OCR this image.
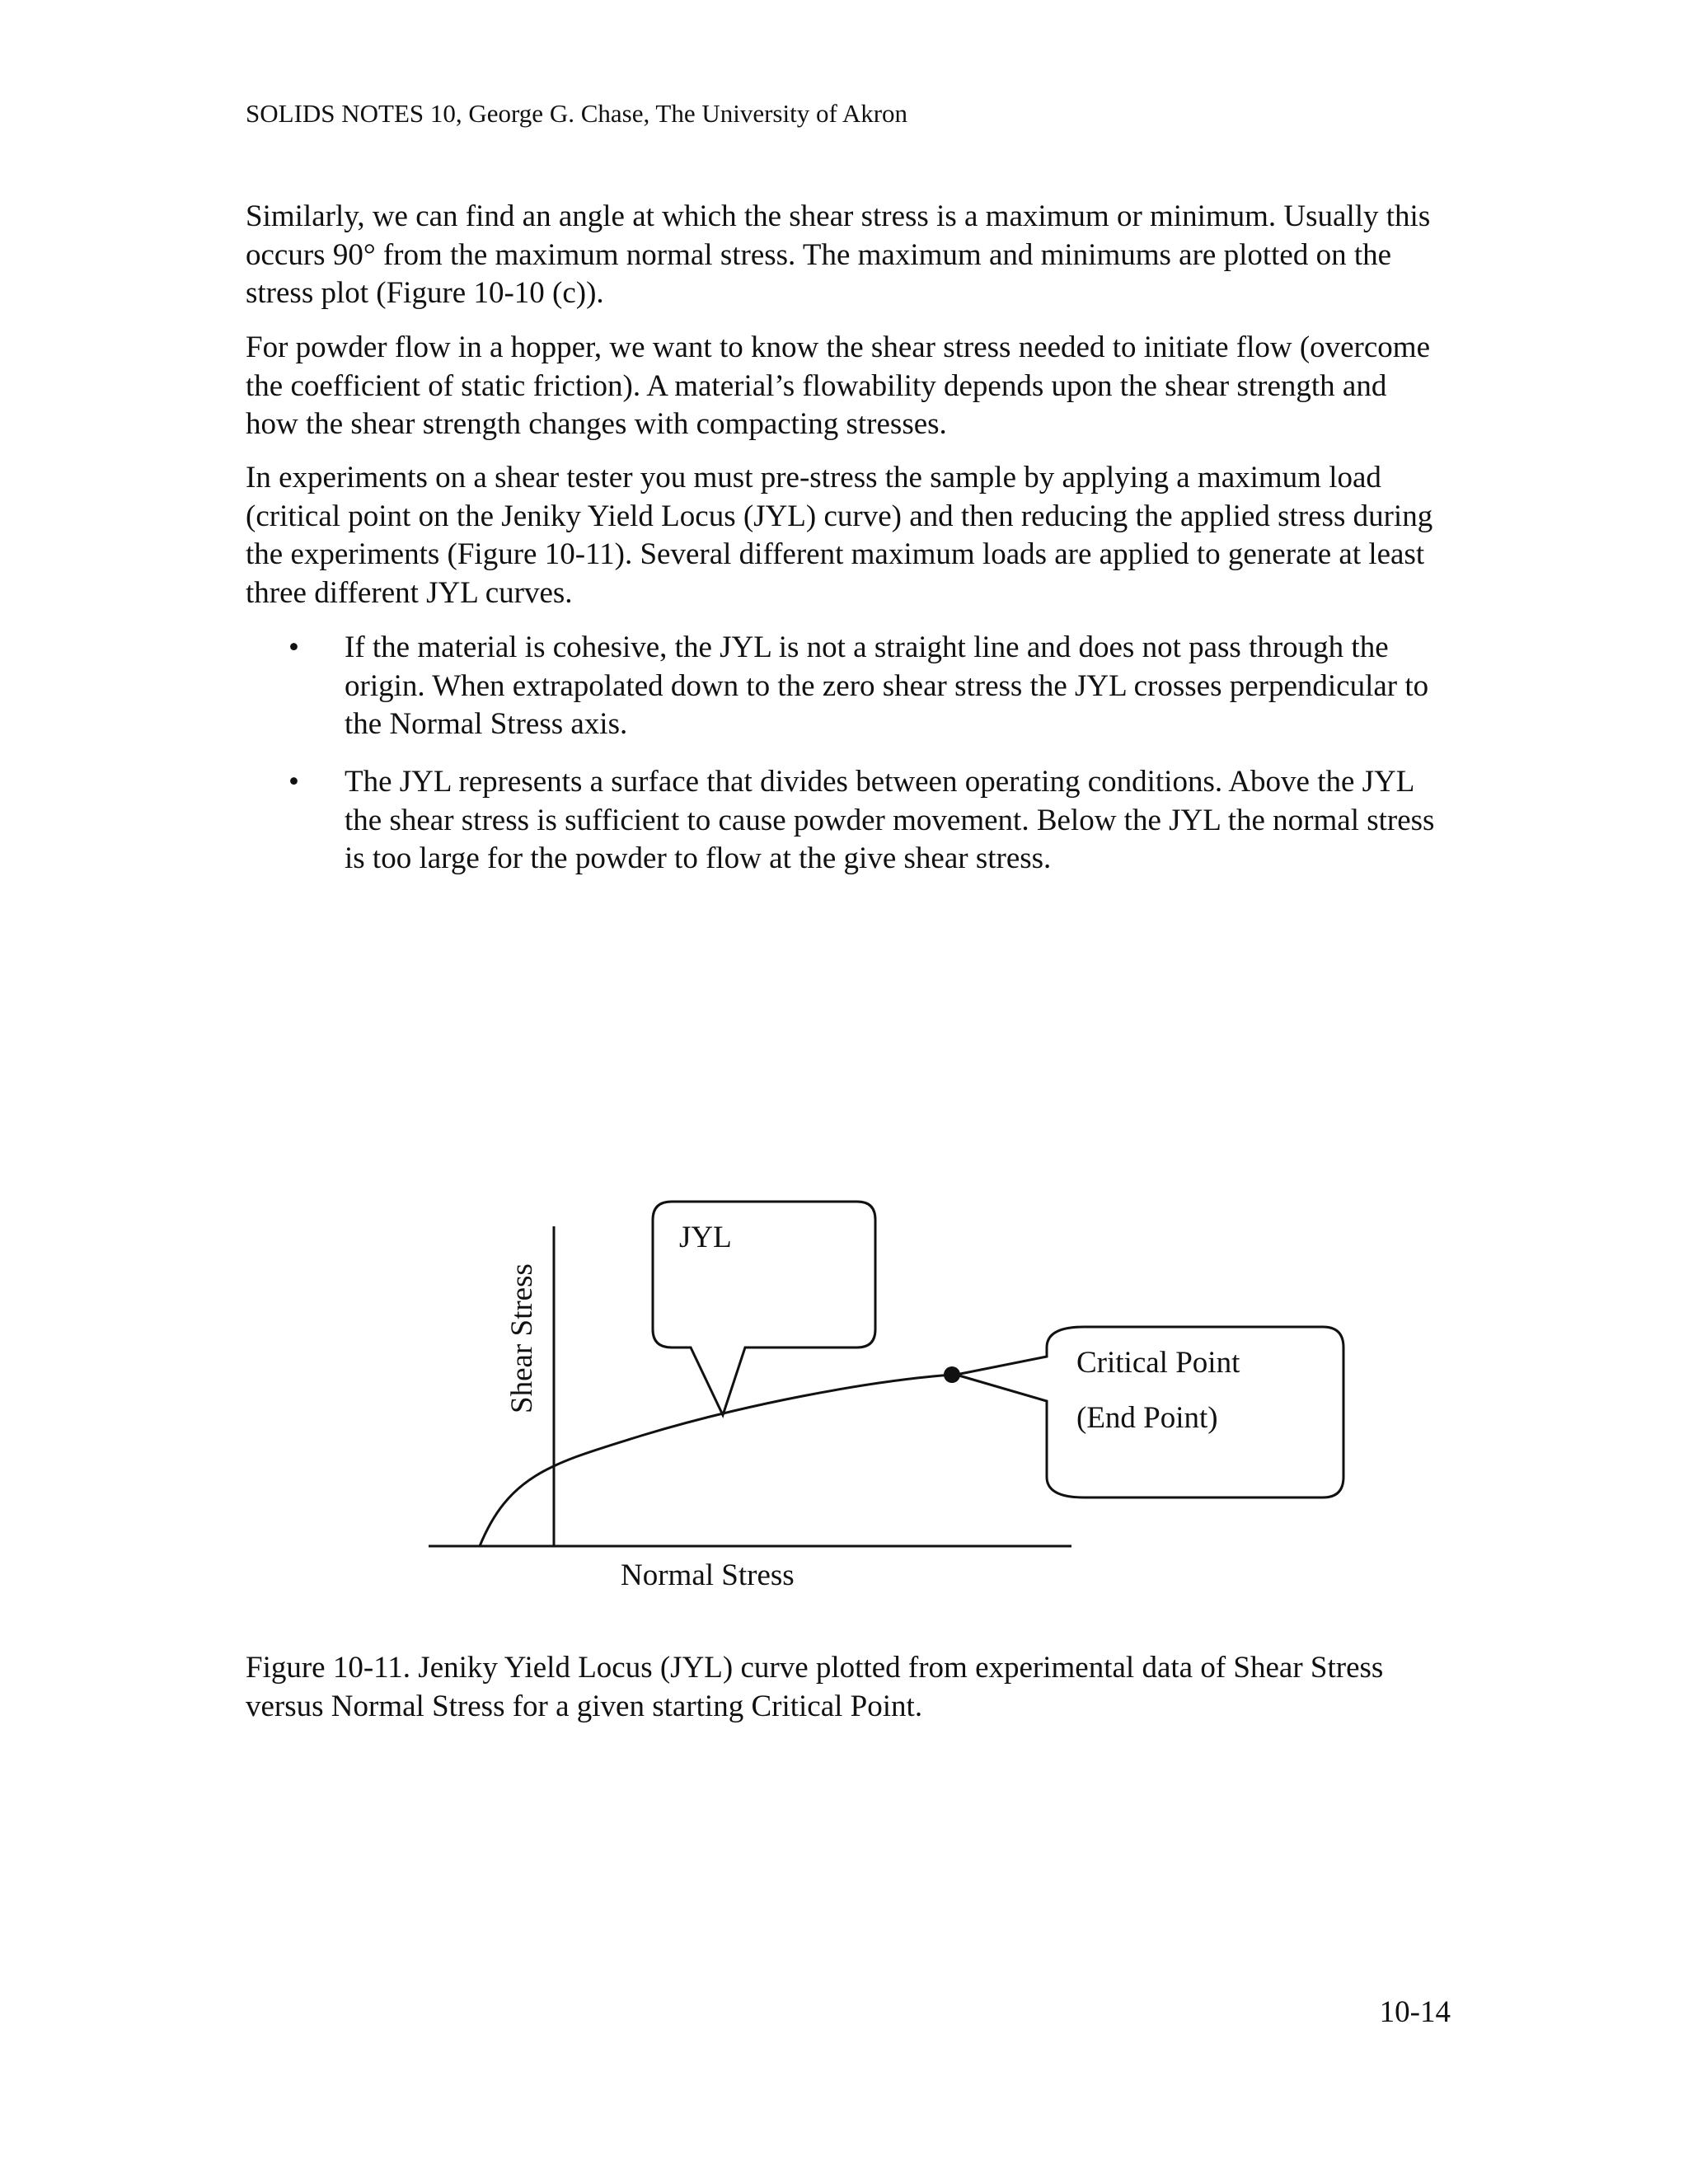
SOLIDS NOTES 10, George G. Chase, The University of Akron

Similarly, we can find an angle at which the shear stress is a maximum or minimum. Usually this occurs 90° from the maximum normal stress. The maximum and minimums are plotted on the stress plot (Figure 10-10 (c)).

For powder flow in a hopper, we want to know the shear stress needed to initiate flow (overcome the coefficient of static friction). A material’s flowability depends upon the shear strength and how the shear strength changes with compacting stresses.

In experiments on a shear tester you must pre-stress the sample by applying a maximum load (critical point on the Jeniky Yield Locus (JYL) curve) and then reducing the applied stress during the experiments (Figure 10-11). Several different maximum loads are applied to generate at least three different JYL curves.

•	If the material is cohesive, the JYL is not a straight line and does not pass through the origin. When extrapolated down to the zero shear stress the JYL crosses perpendicular to the Normal Stress axis.
•	The JYL represents a surface that divides between operating conditions. Above the JYL the shear stress is sufficient to cause powder movement. Below the JYL the normal stress is too large for the powder to flow at the give shear stress.
JYL
Critical Point
(End Point)
Normal Stress
Shear Stress

Figure 10-11. Jeniky Yield Locus (JYL) curve plotted from experimental data of Shear Stress versus Normal Stress for a given starting Critical Point.

10-14
